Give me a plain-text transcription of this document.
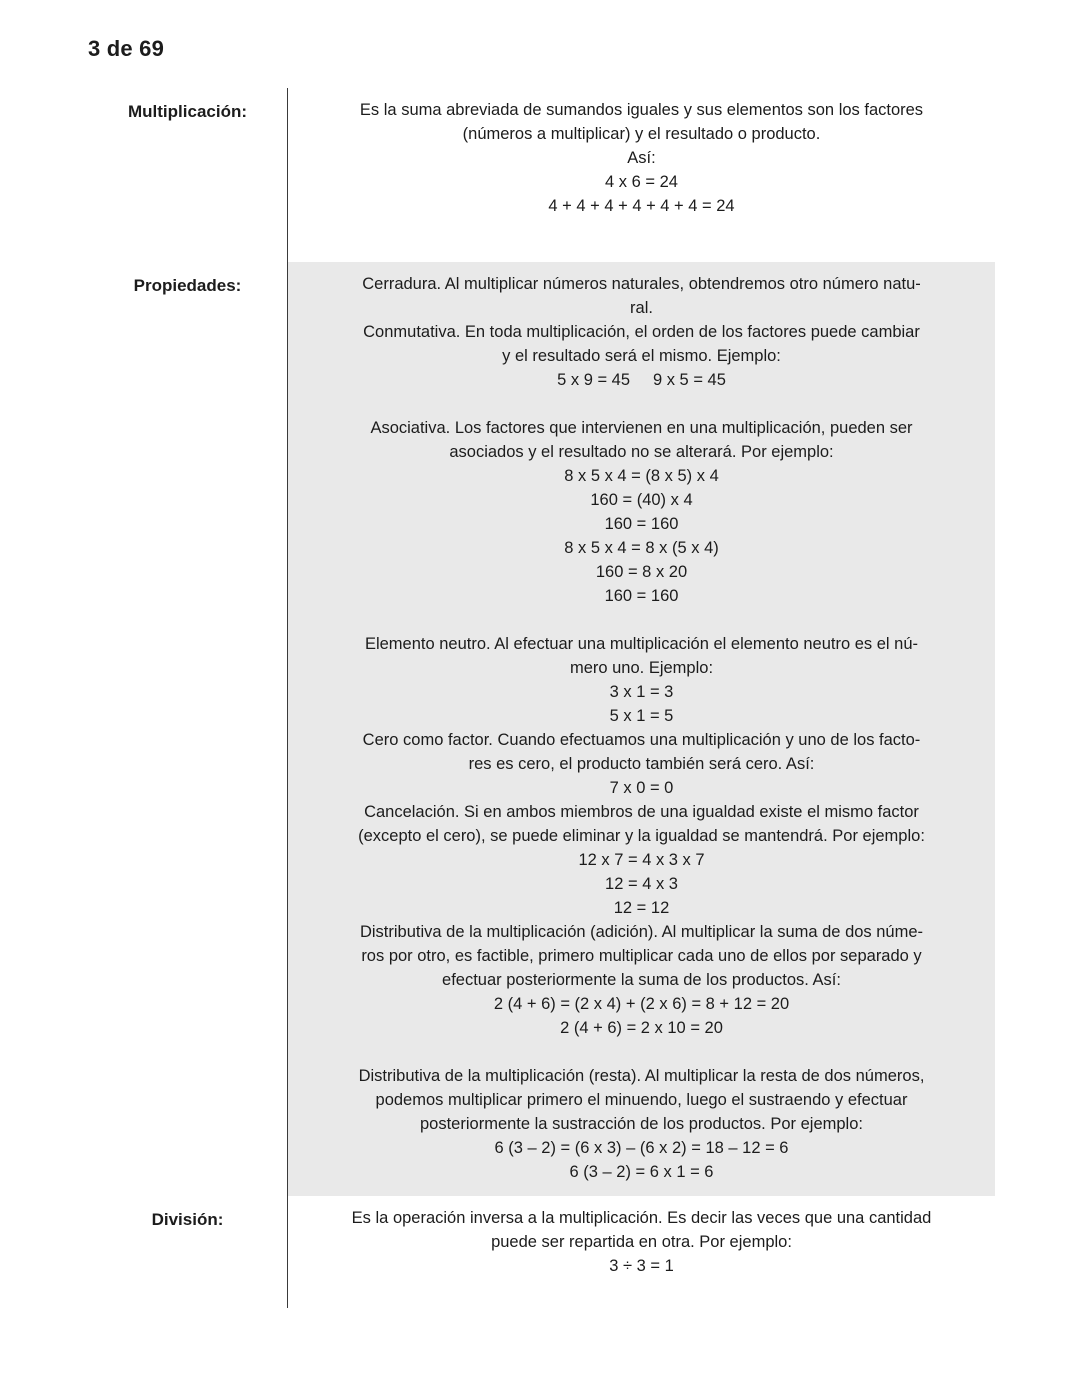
3 de 69
Multiplicación:	Es la suma abreviada de sumandos iguales y sus elementos son los factores
(números a multiplicar) y el resultado o producto.
Así:
4 x 6 = 24
4 + 4 + 4 + 4 + 4 + 4 = 24
Propiedades:	Cerradura. Al multiplicar números naturales, obtendremos otro número natu-
ral.
Conmutativa. En toda multiplicación, el orden de los factores puede cambiar
y el resultado será el mismo. Ejemplo:
5 x 9 = 45     9 x 5 = 45

Asociativa. Los factores que intervienen en una multiplicación, pueden ser
asociados y el resultado no se alterará. Por ejemplo:
8 x 5 x 4 = (8 x 5) x 4
160 = (40) x 4
160 = 160
8 x 5 x 4 = 8 x (5 x 4)
160 = 8 x 20
160 = 160

Elemento neutro. Al efectuar una multiplicación el elemento neutro es el nú-
mero uno. Ejemplo:
3 x 1 = 3
5 x 1 = 5
Cero como factor. Cuando efectuamos una multiplicación y uno de los facto-
res es cero, el producto también será cero. Así:
7 x 0 = 0
Cancelación. Si en ambos miembros de una igualdad existe el mismo factor
(excepto el cero), se puede eliminar y la igualdad se mantendrá. Por ejemplo:
12 x 7 = 4 x 3 x 7
12 = 4 x 3
12 = 12
Distributiva de la multiplicación (adición). Al multiplicar la suma de dos núme-
ros por otro, es factible, primero multiplicar cada uno de ellos por separado y
efectuar posteriormente la suma de los productos. Así:
2 (4 + 6) = (2 x 4) + (2 x 6) = 8 + 12 = 20
2 (4 + 6) = 2 x 10 = 20

Distributiva de la multiplicación (resta). Al multiplicar la resta de dos números,
podemos multiplicar primero el minuendo, luego el sustraendo y efectuar
posteriormente la sustracción de los productos. Por ejemplo:
6 (3 – 2) = (6 x 3) – (6 x 2) = 18 – 12 = 6
6 (3 – 2) = 6 x 1 = 6
División:	Es la operación inversa a la multiplicación. Es decir las veces que una cantidad
puede ser repartida en otra. Por ejemplo:
3 ÷ 3 = 1
